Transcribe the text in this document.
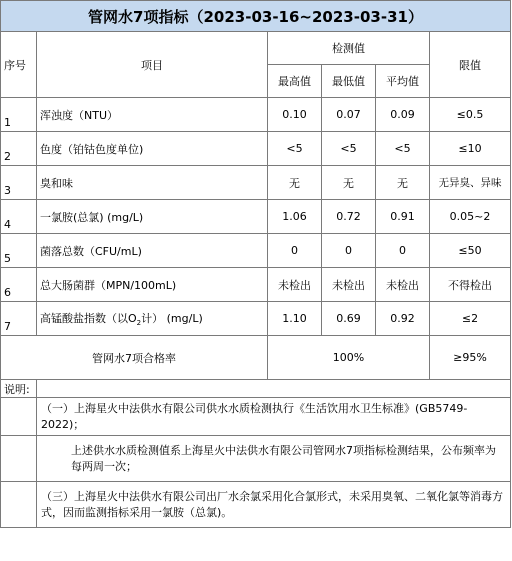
管网水7项指标（2023-03-16~2023-03-31）					
序号	项目	检测值			限值
		最高值	最低值	平均值	
1	浑浊度（NTU）	0.10	0.07	0.09	≤0.5
2	色度（铂钴色度单位)	<5	<5	<5	≤10
3	臭和味	无	无	无	无异臭、异味
4	一氯胺(总氯) (mg/L)	1.06	0.72	0.91	0.05~2
5	菌落总数（CFU/mL)	0	0	0	≤50
6	总大肠菌群（MPN/100mL)	未检出	未检出	未检出	不得检出
7	高锰酸盐指数（以$O_2$计） (mg/L)	1.10	0.69	0.92	≤2
管网水7项合格率		100%			≥95%
说明:					
	（一）上海星火中法供水有限公司供水水质检测执行《生活饮用水卫生标准》(GB5749-2022)；				
	上述供水水质检测值系上海星火中法供水有限公司管网水7项指标检测结果，公布频率为每两周一次；				
	（三）上海星火中法供水有限公司出厂水余氯采用化合氯形式，未采用臭氧、二氧化氯等消毒方式，因而监测指标采用一氯胺（总氯)。				
